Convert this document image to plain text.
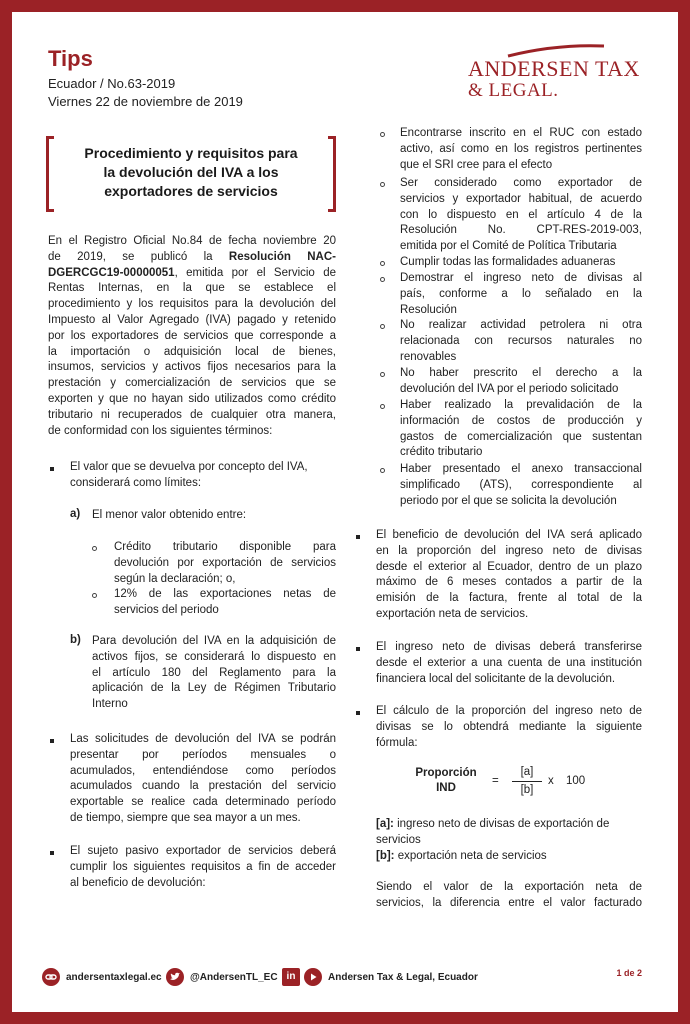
Tips
Ecuador / No.63-2019
Viernes 22 de noviembre de 2019
ANDERSEN TAX
& LEGAL.
Procedimiento y requisitos para
la devolución del IVA a los
exportadores de servicios
En el Registro Oficial No.84 de fecha noviembre 20
de 2019, se publicó la Resolución NAC-
DGERCGC19-00000051, emitida por el Servicio de
Rentas Internas, en la que se establece el
procedimiento y los requisitos para la devolución del
Impuesto al Valor Agregado (IVA) pagado y retenido
por los exportadores de servicios que corresponde a
la importación o adquisición local de bienes,
insumos, servicios y activos fijos necesarios para la
prestación y comercialización de servicios que se
exporten y que no hayan sido utilizados como crédito
tributario ni recuperados de cualquier otra manera,
de conformidad con los siguientes términos:
El valor que se devuelva por concepto del IVA,
considerará como límites:
a) El menor valor obtenido entre:
Crédito tributario disponible para
devolución por exportación de servicios
según la declaración; o,
12% de las exportaciones netas de
servicios del periodo
b) Para devolución del IVA en la adquisición de
activos fijos, se considerará lo dispuesto en
el artículo 180 del Reglamento para la
aplicación de la Ley de Régimen Tributario
Interno
Las solicitudes de devolución del IVA se podrán
presentar por períodos mensuales o
acumulados, entendiéndose como períodos
acumulados cuando la prestación del servicio
exportable se realice cada determinado período
de tiempo, siempre que sea mayor a un mes.
El sujeto pasivo exportador de servicios deberá
cumplir los siguientes requisitos a fin de acceder
al beneficio de devolución:
Encontrarse inscrito en el RUC con estado
activo, así como en los registros pertinentes
que el SRI cree para el efecto
Ser considerado como exportador de
servicios y exportador habitual, de acuerdo
con lo dispuesto en el artículo 4 de la
Resolución No. CPT-RES-2019-003,
emitida por el Comité de Política Tributaria
Cumplir todas las formalidades aduaneras
Demostrar el ingreso neto de divisas al
país, conforme a lo señalado en la
Resolución
No realizar actividad petrolera ni otra
relacionada con recursos naturales no
renovables
No haber prescrito el derecho a la
devolución del IVA por el periodo solicitado
Haber realizado la prevalidación de la
información de costos de producción y
gastos de comercialización que sustentan
crédito tributario
Haber presentado el anexo transaccional
simplificado (ATS), correspondiente al
periodo por el que se solicita la devolución
El beneficio de devolución del IVA será aplicado
en la proporción del ingreso neto de divisas
desde el exterior al Ecuador, dentro de un plazo
máximo de 6 meses contados a partir de la
emisión de la factura, frente al total de la
exportación neta de servicios.
El ingreso neto de divisas deberá transferirse
desde el exterior a una cuenta de una institución
financiera local del solicitante de la devolución.
El cálculo de la proporción del ingreso neto de
divisas se lo obtendrá mediante la siguiente
fórmula:
Proporción
IND
=
[a]
[b]
x 100
[a]: ingreso neto de divisas de exportación de
servicios
[b]: exportación neta de servicios
Siendo el valor de la exportación neta de
servicios, la diferencia entre el valor facturado
andersentaxlegal.ec	@AndersenTL_EC in	Andersen Tax & Legal, Ecuador	1 de 2
